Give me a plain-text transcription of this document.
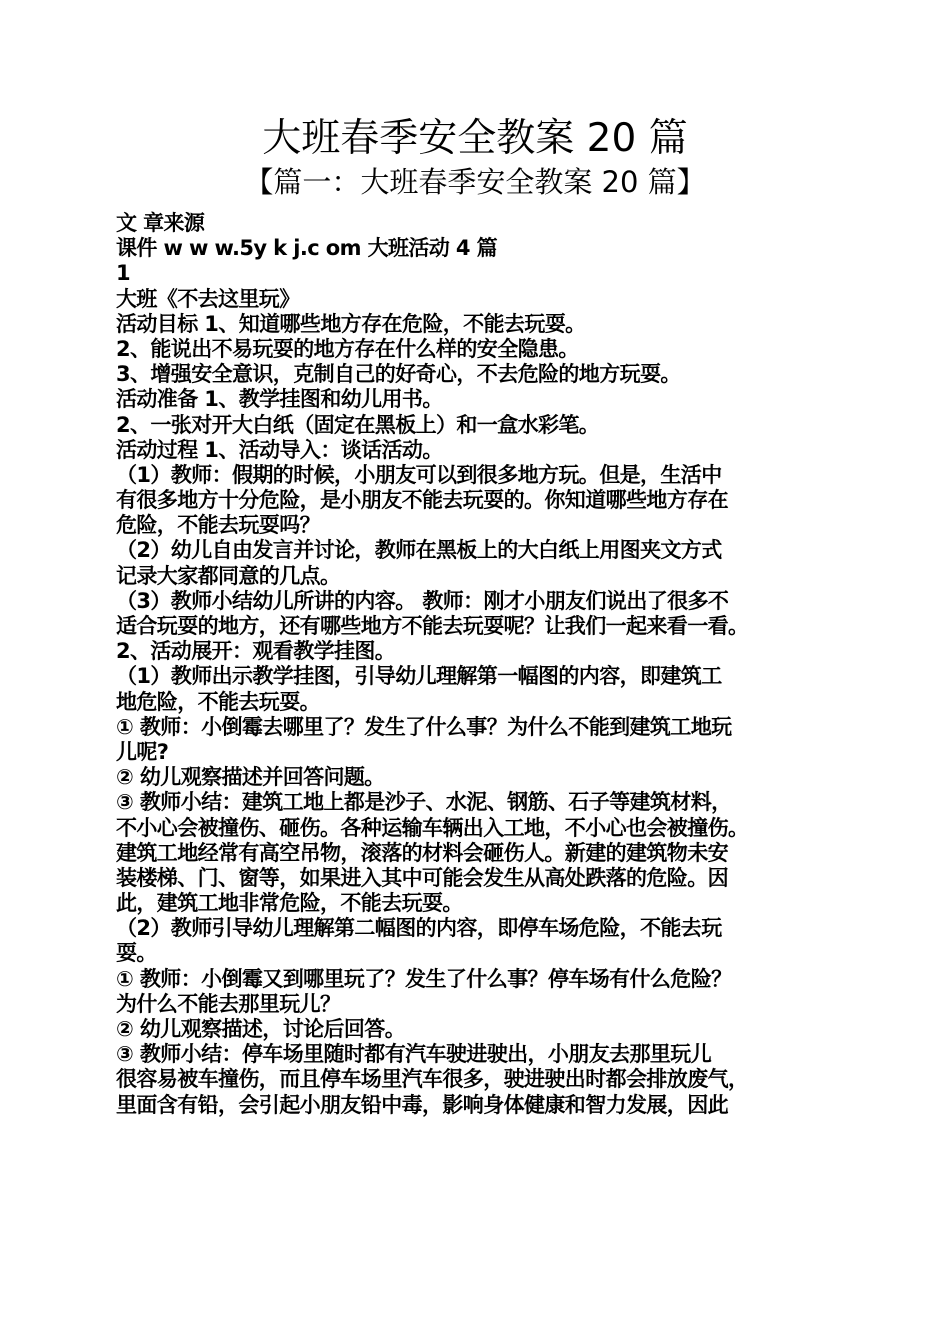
大班春季安全教案 20 篇
【篇一：大班春季安全教案 20 篇】
文 章来源
课件 w w w.5y k j.c om 大班活动 4 篇
1
大班《不去这里玩》
活动目标 1、知道哪些地方存在危险，不能去玩耍。
2、能说出不易玩耍的地方存在什么样的安全隐患。
3、增强安全意识，克制自己的好奇心，不去危险的地方玩耍。
活动准备 1、教学挂图和幼儿用书。
2、一张对开大白纸（固定在黑板上）和一盒水彩笔。
活动过程 1、活动导入：谈话活动。
（1）教师：假期的时候，小朋友可以到很多地方玩。但是，生活中
有很多地方十分危险，是小朋友不能去玩耍的。你知道哪些地方存在
危险，不能去玩耍吗？
（2）幼儿自由发言并讨论，教师在黑板上的大白纸上用图夹文方式
记录大家都同意的几点。
（3）教师小结幼儿所讲的内容。 教师：刚才小朋友们说出了很多不
适合玩耍的地方，还有哪些地方不能去玩耍呢？让我们一起来看一看。
2、活动展开：观看教学挂图。
（1）教师出示教学挂图，引导幼儿理解第一幅图的内容，即建筑工
地危险，不能去玩耍。
① 教师：小倒霉去哪里了？发生了什么事？为什么不能到建筑工地玩
儿呢?
② 幼儿观察描述并回答问题。
③ 教师小结：建筑工地上都是沙子、水泥、钢筋、石子等建筑材料，
不小心会被撞伤、砸伤。各种运输车辆出入工地，不小心也会被撞伤。
建筑工地经常有高空吊物，滚落的材料会砸伤人。新建的建筑物未安
装楼梯、门、窗等，如果进入其中可能会发生从高处跌落的危险。因
此，建筑工地非常危险，不能去玩耍。
（2）教师引导幼儿理解第二幅图的内容，即停车场危险，不能去玩
耍。
① 教师：小倒霉又到哪里玩了？发生了什么事？停车场有什么危险？
为什么不能去那里玩儿？
② 幼儿观察描述，讨论后回答。
③ 教师小结：停车场里随时都有汽车驶进驶出，小朋友去那里玩儿
很容易被车撞伤，而且停车场里汽车很多，驶进驶出时都会排放废气，
里面含有铅，会引起小朋友铅中毒，影响身体健康和智力发展，因此
